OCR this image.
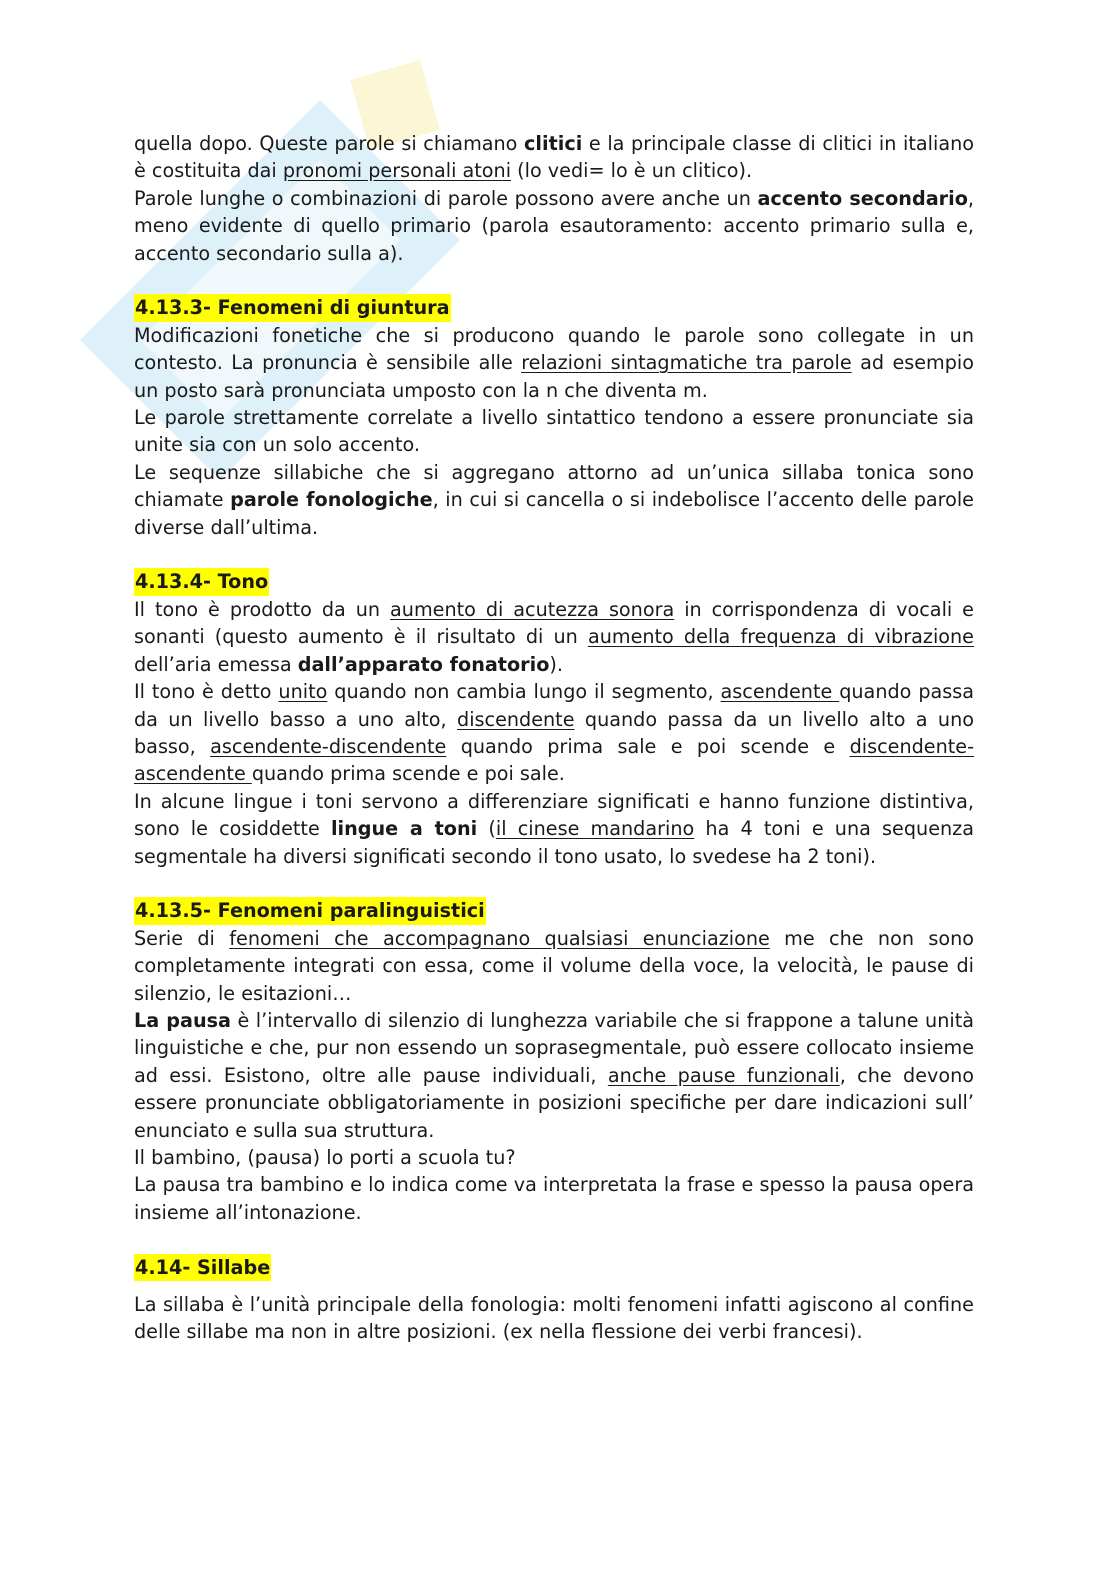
quella dopo. Queste parole si chiamano clitici e la principale classe di clitici in italiano è costituita dai pronomi personali atoni (lo vedi= lo è un clitico).

Parole lunghe o combinazioni di parole possono avere anche un accento secondario, meno evidente di quello primario (parola esautoramento: accento primario sulla e, accento secondario sulla a).

4.13.3- Fenomeni di giuntura

Modificazioni fonetiche che si producono quando le parole sono collegate in un contesto. La pronuncia è sensibile alle relazioni sintagmatiche tra parole ad esempio un posto sarà pronunciata umposto con la n che diventa m.

Le parole strettamente correlate a livello sintattico tendono a essere pronunciate sia unite sia con un solo accento.

Le sequenze sillabiche che si aggregano attorno ad un’unica sillaba tonica sono chiamate parole fonologiche, in cui si cancella o si indebolisce l’accento delle parole diverse dall’ultima.

4.13.4- Tono

Il tono è prodotto da un aumento di acutezza sonora in corrispondenza di vocali e sonanti (questo aumento è il risultato di un aumento della frequenza di vibrazione dell’aria emessa dall’apparato fonatorio).

Il tono è detto unito quando non cambia lungo il segmento, ascendente quando passa da un livello basso a uno alto, discendente quando passa da un livello alto a uno basso, ascendente-discendente quando prima sale e poi scende e discendente-ascendente quando prima scende e poi sale.

In alcune lingue i toni servono a differenziare significati e hanno funzione distintiva, sono le cosiddette lingue a toni (il cinese mandarino ha 4 toni e una sequenza segmentale ha diversi significati secondo il tono usato, lo svedese ha 2 toni).

4.13.5- Fenomeni paralinguistici

Serie di fenomeni che accompagnano qualsiasi enunciazione me che non sono completamente integrati con essa, come il volume della voce, la velocità, le pause di silenzio, le esitazioni…

La pausa è l’intervallo di silenzio di lunghezza variabile che si frappone a talune unità linguistiche e che, pur non essendo un soprasegmentale, può essere collocato insieme ad essi. Esistono, oltre alle pause individuali, anche pause funzionali, che devono essere pronunciate obbligatoriamente in posizioni specifiche per dare indicazioni sull’ enunciato e sulla sua struttura.

Il bambino, (pausa) lo porti a scuola tu?

La pausa tra bambino e lo indica come va interpretata la frase e spesso la pausa opera insieme all’intonazione.

4.14- Sillabe

La sillaba è l’unità principale della fonologia: molti fenomeni infatti agiscono al confine delle sillabe ma non in altre posizioni. (ex nella flessione dei verbi francesi).
